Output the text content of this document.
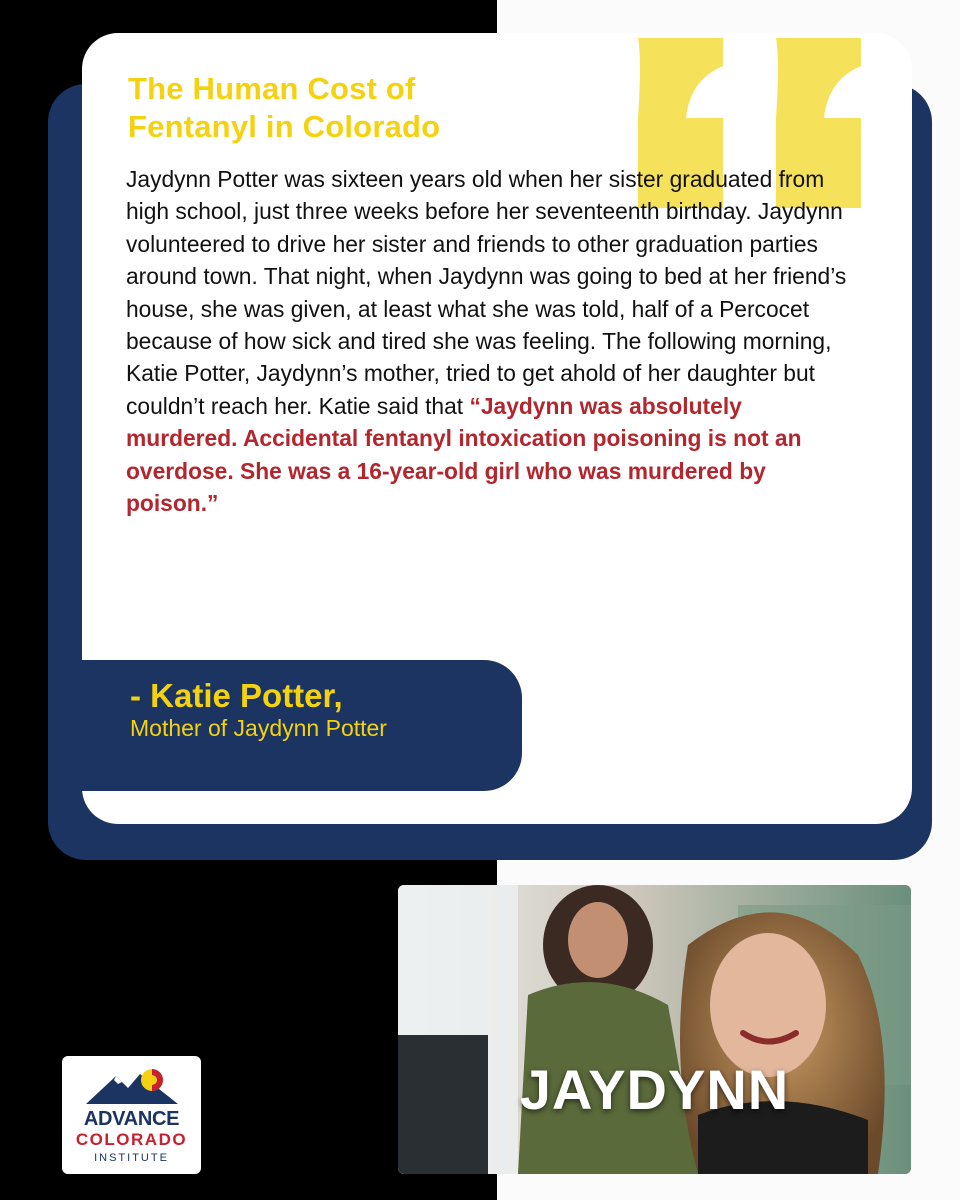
The Human Cost of
Fentanyl in Colorado

Jaydynn Potter was sixteen years old when her sister graduated from high school, just three weeks before her seventeenth birthday. Jaydynn volunteered to drive her sister and friends to other graduation parties around town. That night, when Jaydynn was going to bed at her friend’s house, she was given, at least what she was told, half of a Percocet because of how sick and tired she was feeling. The following morning, Katie Potter, Jaydynn’s mother, tried to get ahold of her daughter but couldn’t reach her. Katie said that “Jaydynn was absolutely murdered. Accidental fentanyl intoxication poisoning is not an overdose. She was a 16-year-old girl who was murdered by poison.”

- Katie Potter,
Mother of Jaydynn Potter
JAYDYNN
ADVANCE
COLORADO
INSTITUTE
